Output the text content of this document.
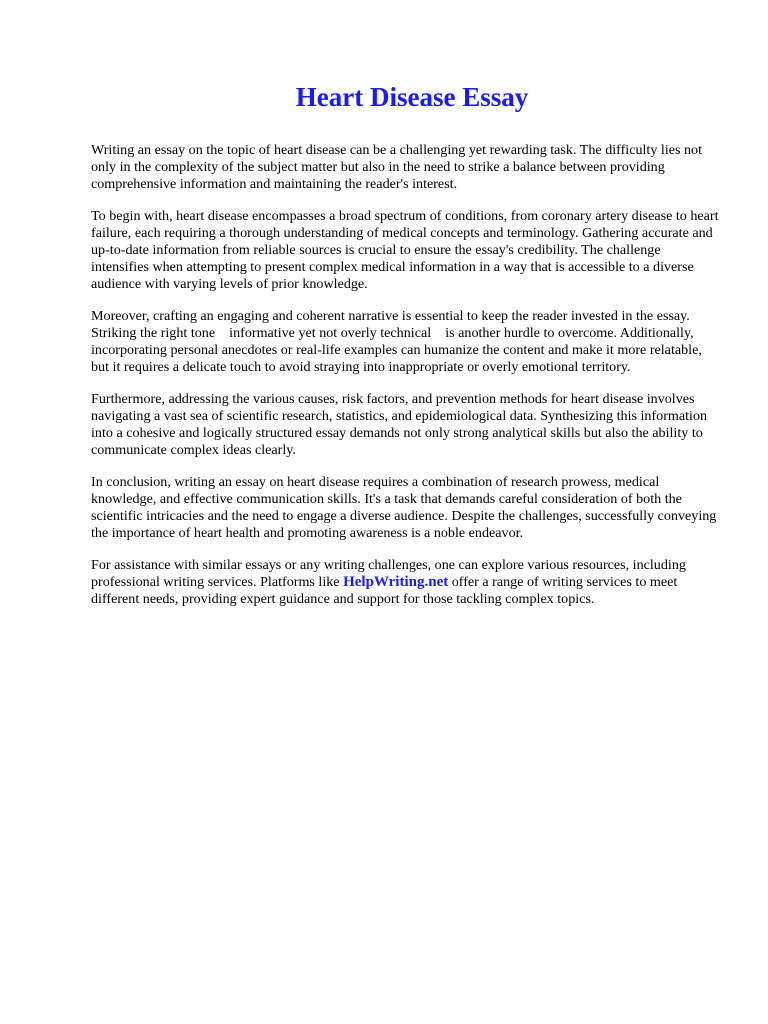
Heart Disease Essay

Writing an essay on the topic of heart disease can be a challenging yet rewarding task. The difficulty lies not only in the complexity of the subject matter but also in the need to strike a balance between providing comprehensive information and maintaining the reader's interest.

To begin with, heart disease encompasses a broad spectrum of conditions, from coronary artery disease to heart failure, each requiring a thorough understanding of medical concepts and terminology. Gathering accurate and up-to-date information from reliable sources is crucial to ensure the essay's credibility. The challenge intensifies when attempting to present complex medical information in a way that is accessible to a diverse audience with varying levels of prior knowledge.

Moreover, crafting an engaging and coherent narrative is essential to keep the reader invested in the essay. Striking the right tone    informative yet not overly technical    is another hurdle to overcome. Additionally, incorporating personal anecdotes or real-life examples can humanize the content and make it more relatable, but it requires a delicate touch to avoid straying into inappropriate or overly emotional territory.

Furthermore, addressing the various causes, risk factors, and prevention methods for heart disease involves navigating a vast sea of scientific research, statistics, and epidemiological data. Synthesizing this information into a cohesive and logically structured essay demands not only strong analytical skills but also the ability to communicate complex ideas clearly.

In conclusion, writing an essay on heart disease requires a combination of research prowess, medical knowledge, and effective communication skills. It's a task that demands careful consideration of both the scientific intricacies and the need to engage a diverse audience. Despite the challenges, successfully conveying the importance of heart health and promoting awareness is a noble endeavor.

For assistance with similar essays or any writing challenges, one can explore various resources, including professional writing services. Platforms like HelpWriting.net offer a range of writing services to meet different needs, providing expert guidance and support for those tackling complex topics.
